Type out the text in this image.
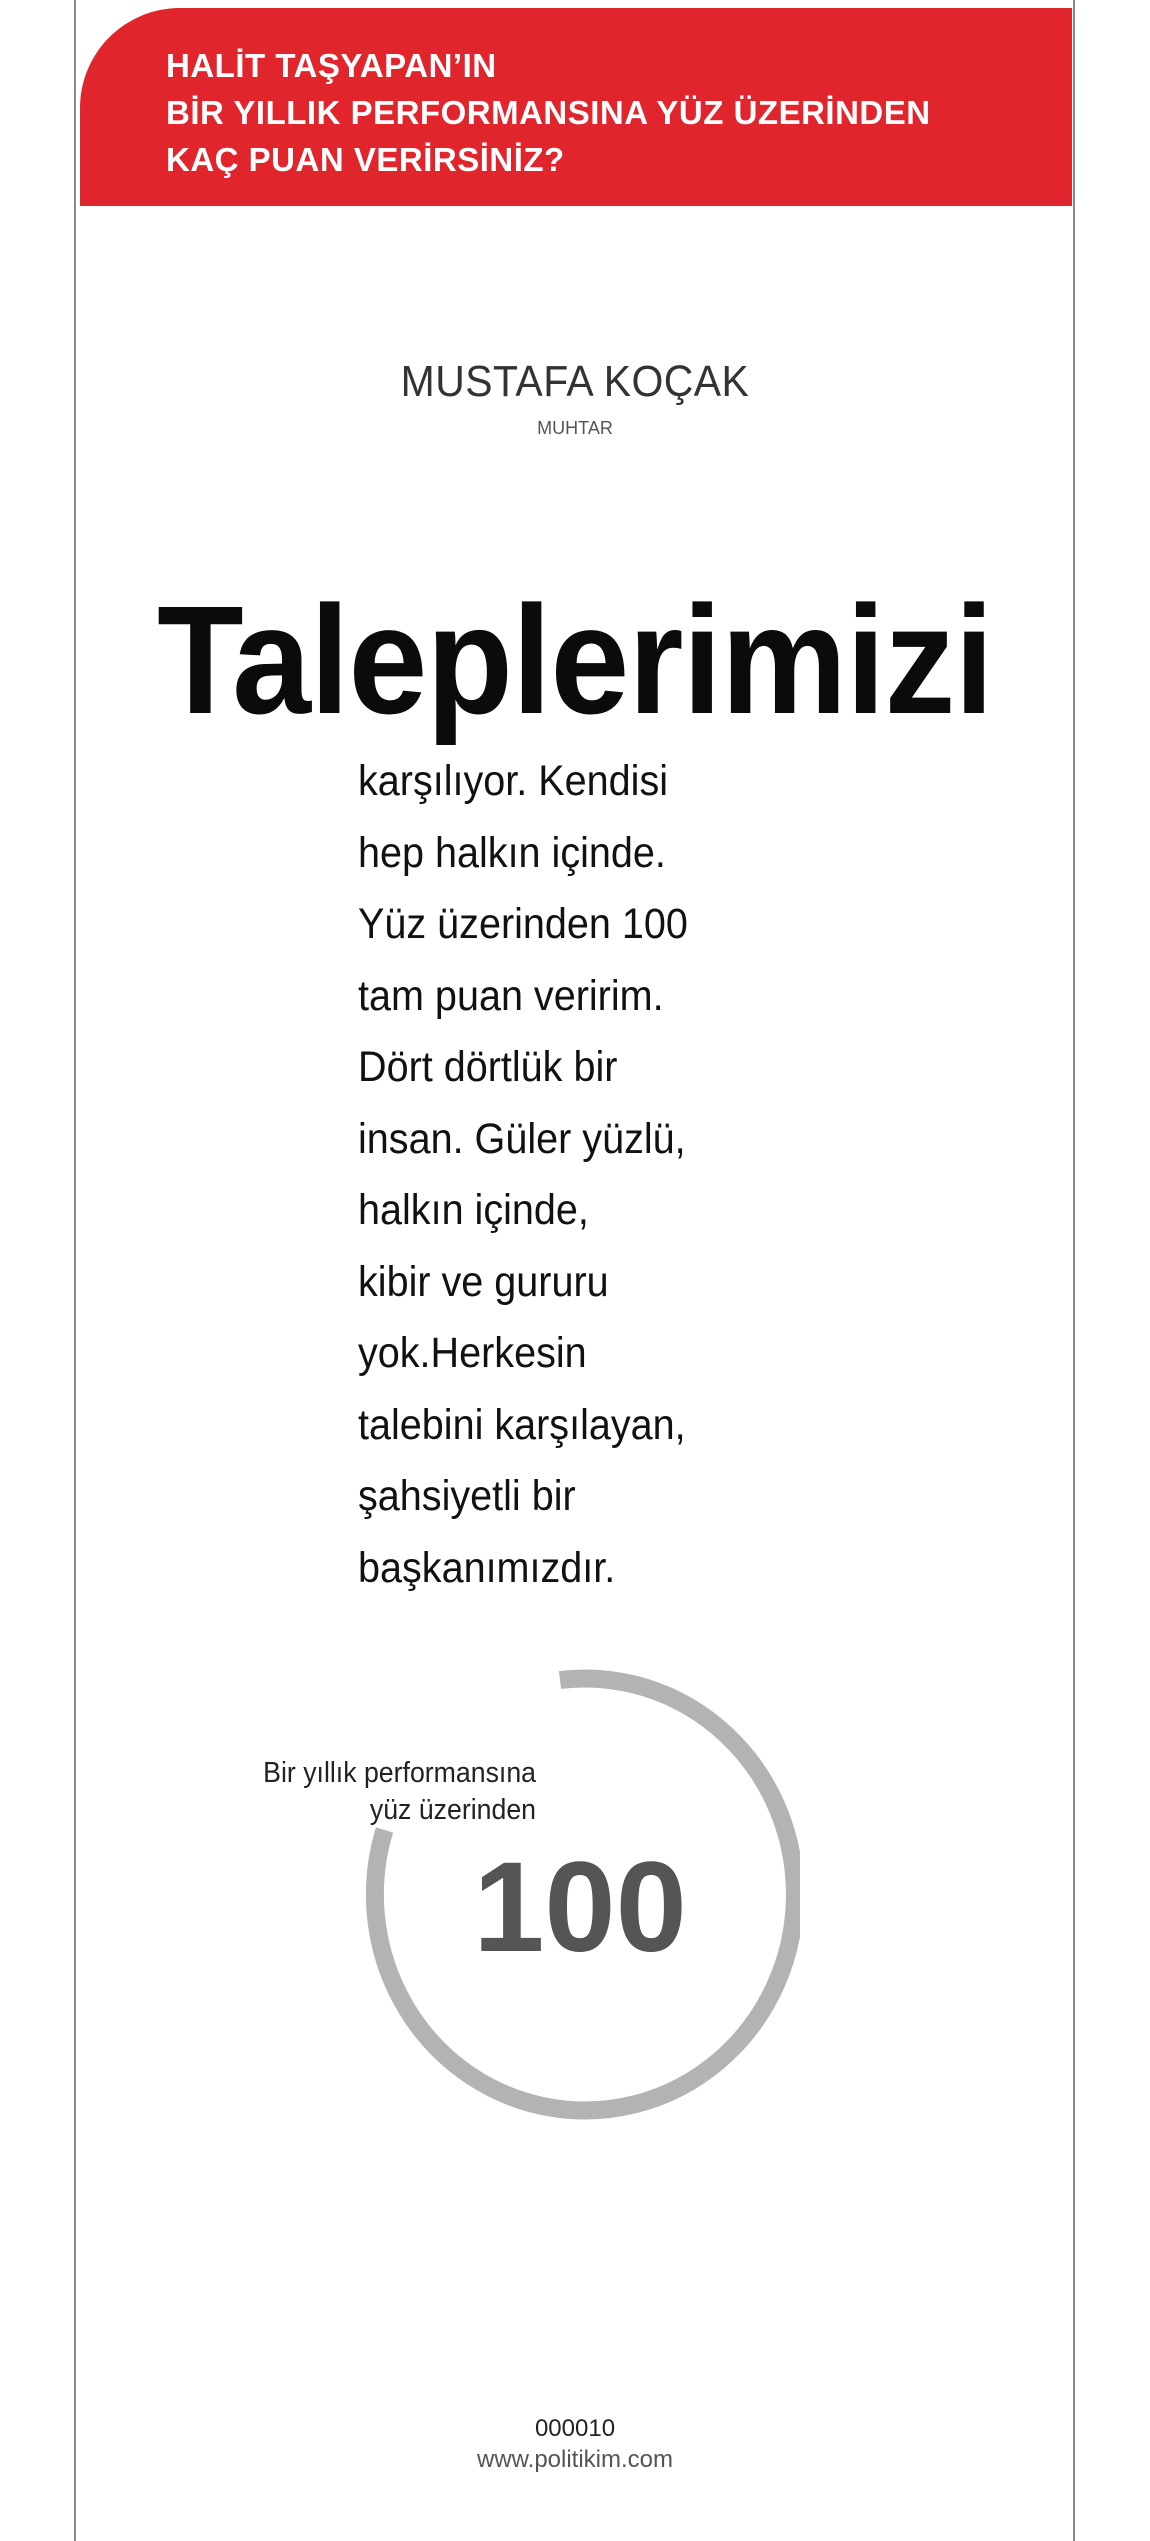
HALİT TAŞYAPAN’IN
BİR YILLIK PERFORMANSINA YÜZ ÜZERİNDEN
KAÇ PUAN VERİRSİNİZ?
MUSTAFA KOÇAK
MUHTAR
Taleplerimizi
karşılıyor. Kendisi
hep halkın içinde.
Yüz üzerinden 100
tam puan veririm.
Dört dörtlük bir
insan. Güler yüzlü,
halkın içinde,
kibir ve gururu
yok.Herkesin
talebini karşılayan,
şahsiyetli bir
başkanımızdır.
Bir yıllık performansına
yüz üzerinden
100
000010
www.politikim.com
